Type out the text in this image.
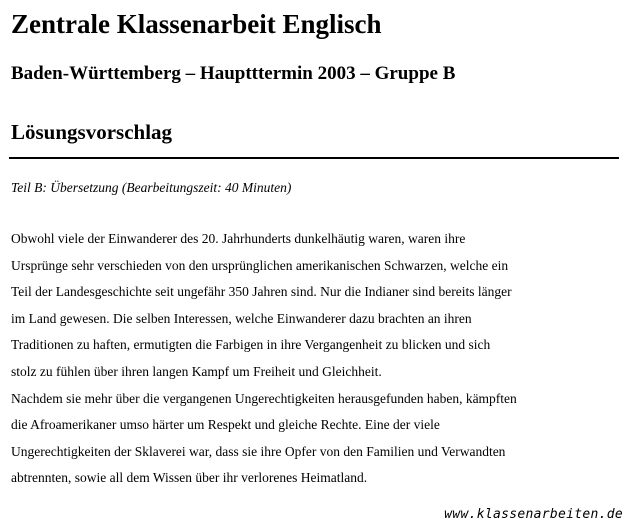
Zentrale Klassenarbeit Englisch
Baden-Württemberg – Hauptttermin 2003 – Gruppe B
Lösungsvorschlag
Teil B: Übersetzung (Bearbeitungszeit: 40 Minuten)
Obwohl viele der Einwanderer des 20. Jahrhunderts dunkelhäutig waren, waren ihre
Ursprünge sehr verschieden von den ursprünglichen amerikanischen Schwarzen, welche ein
Teil der Landesgeschichte seit ungefähr 350 Jahren sind. Nur die Indianer sind bereits länger
im Land gewesen. Die selben Interessen, welche Einwanderer dazu brachten an ihren
Traditionen zu haften, ermutigten die Farbigen in ihre Vergangenheit zu blicken und sich
stolz zu fühlen über ihren langen Kampf um Freiheit und Gleichheit.
Nachdem sie mehr über die vergangenen Ungerechtigkeiten herausgefunden haben, kämpften
die Afroamerikaner umso härter um Respekt und gleiche Rechte. Eine der viele
Ungerechtigkeiten der Sklaverei war, dass sie ihre Opfer von den Familien und Verwandten
abtrennten, sowie all dem Wissen über ihr verlorenes Heimatland.
www.klassenarbeiten.de
